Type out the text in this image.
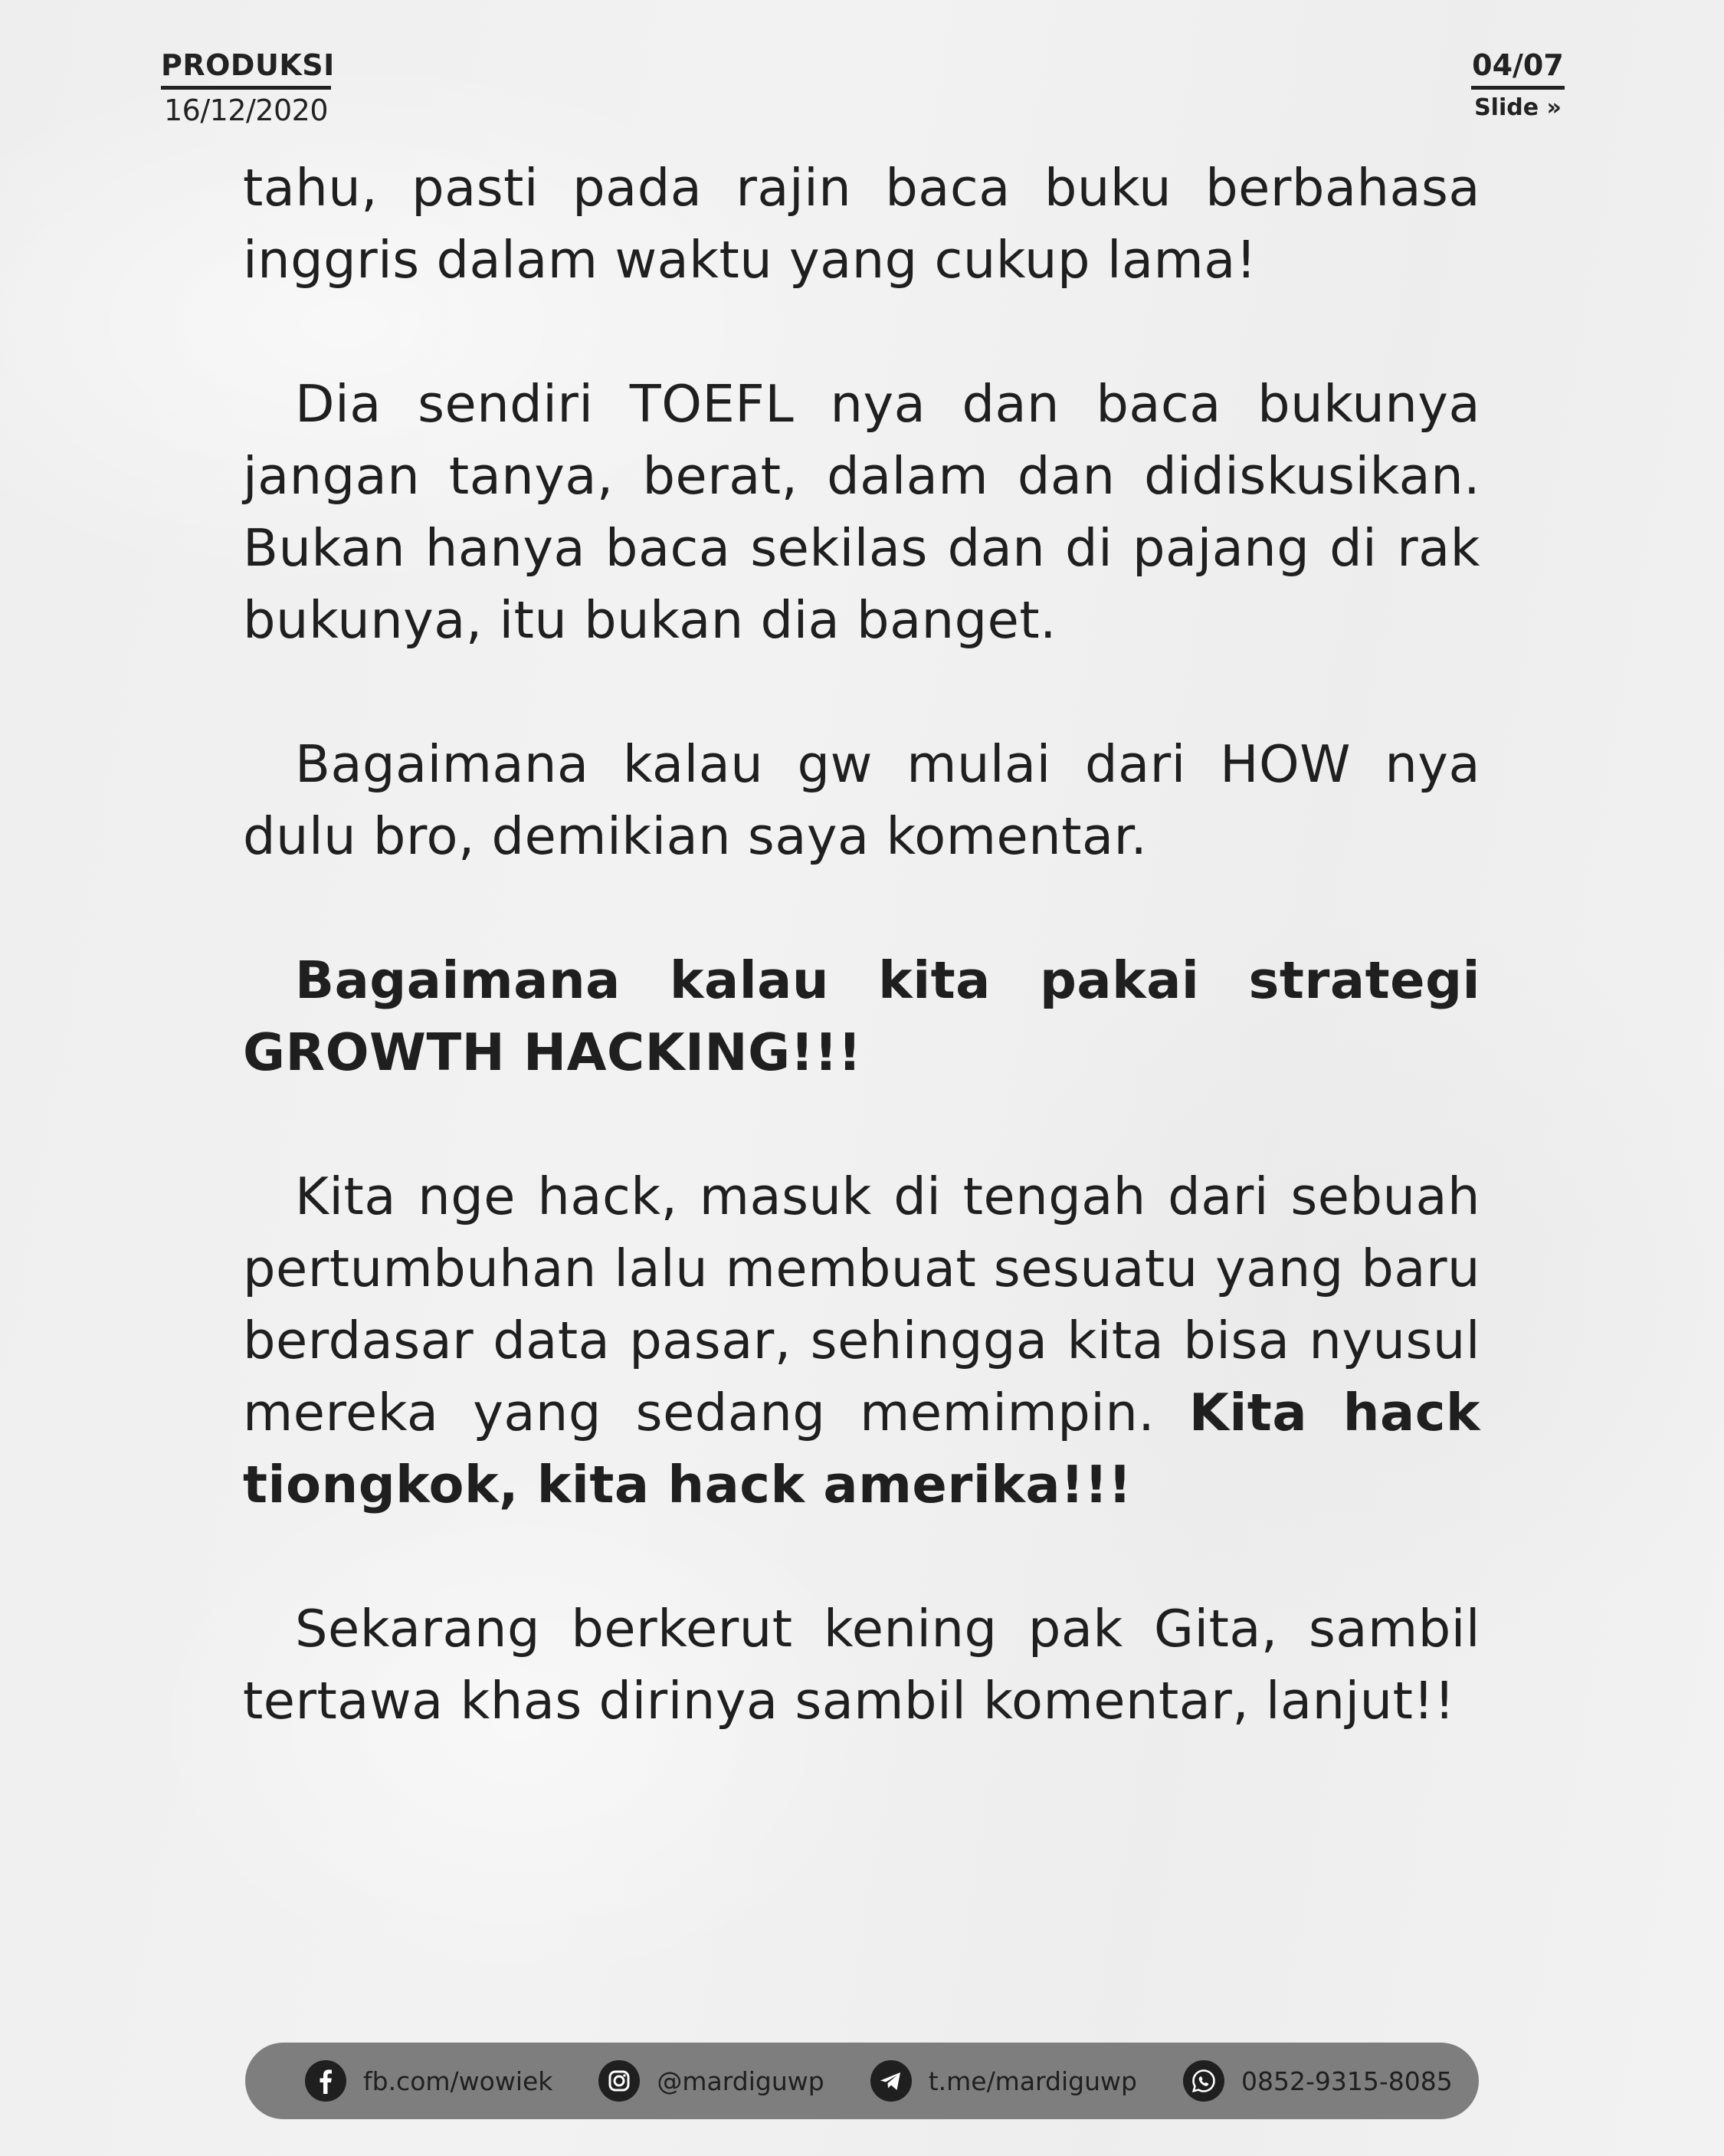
PRODUKSI
16/12/2020
04/07
Slide »

tahu, pasti pada rajin baca buku berbahasa inggris dalam waktu yang cukup lama!

Dia sendiri TOEFL nya dan baca bukunya jangan tanya, berat, dalam dan didiskusikan. Bukan hanya baca sekilas dan di pajang di rak bukunya, itu bukan dia banget.

Bagaimana kalau gw mulai dari HOW nya dulu bro, demikian saya komentar.

Bagaimana kalau kita pakai strategi GROWTH HACKING!!!

Kita nge hack, masuk di tengah dari sebuah pertumbuhan lalu membuat sesuatu yang baru berdasar data pasar, sehingga kita bisa nyusul mereka yang sedang memimpin. Kita hack tiongkok, kita hack amerika!!!

Sekarang berkerut kening pak Gita, sambil tertawa khas dirinya sambil komentar, lanjut!!

fb.com/wowiek	@mardiguwp	t.me/mardiguwp	0852-9315-8085
